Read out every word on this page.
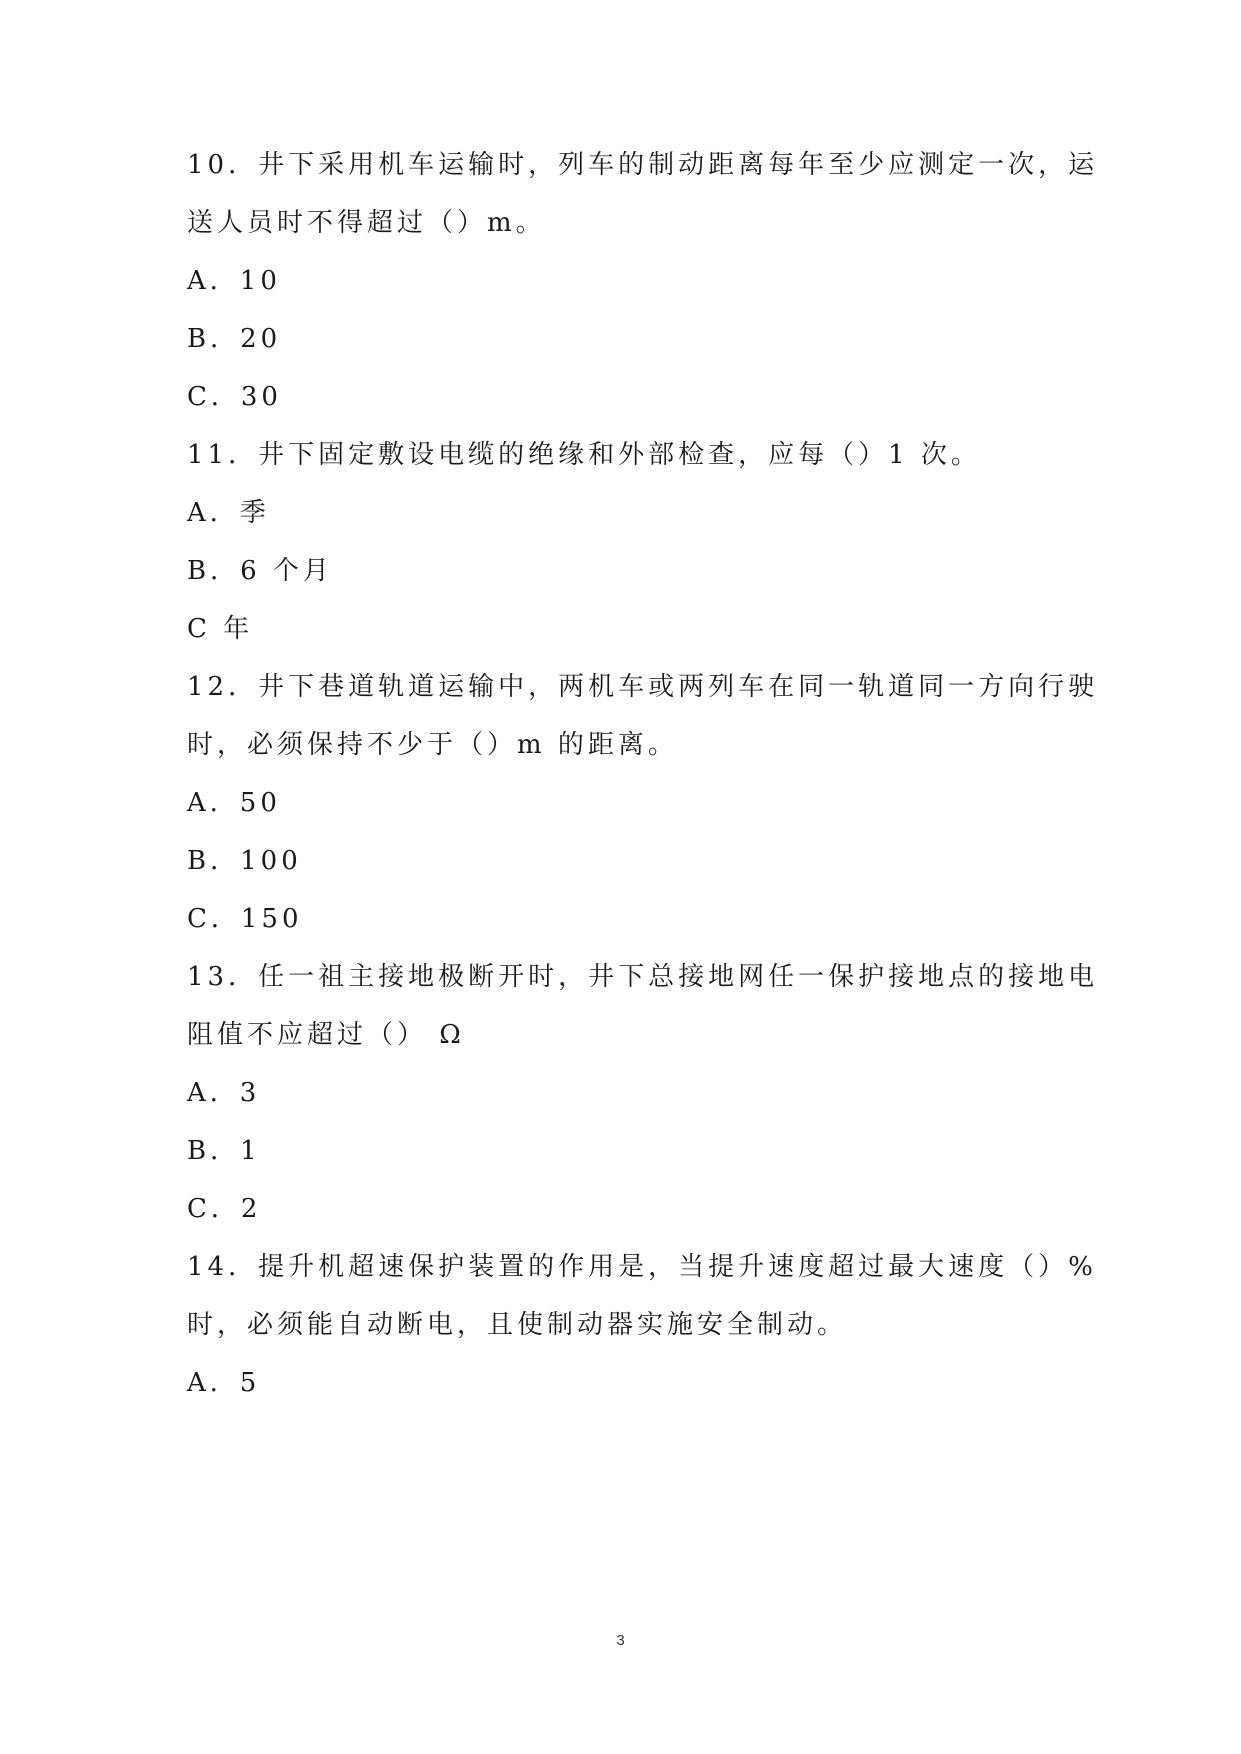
10．井下采用机车运输时，列车的制动距离每年至少应测定一次，运
送人员时不得超过（）m。
A．10
B．20
C．30
11．井下固定敷设电缆的绝缘和外部检查，应每（）1 次。
A．季
B．6 个月
C 年
12．井下巷道轨道运输中，两机车或两列车在同一轨道同一方向行驶
时，必须保持不少于（）m 的距离。
A．50
B．100
C．150
13．任一祖主接地极断开时，井下总接地网任一保护接地点的接地电
阻值不应超过（） Ω
A．3
B．1
C．2
14．提升机超速保护装置的作用是，当提升速度超过最大速度（）%
时，必须能自动断电，且使制动器实施安全制动。
A．5
3
